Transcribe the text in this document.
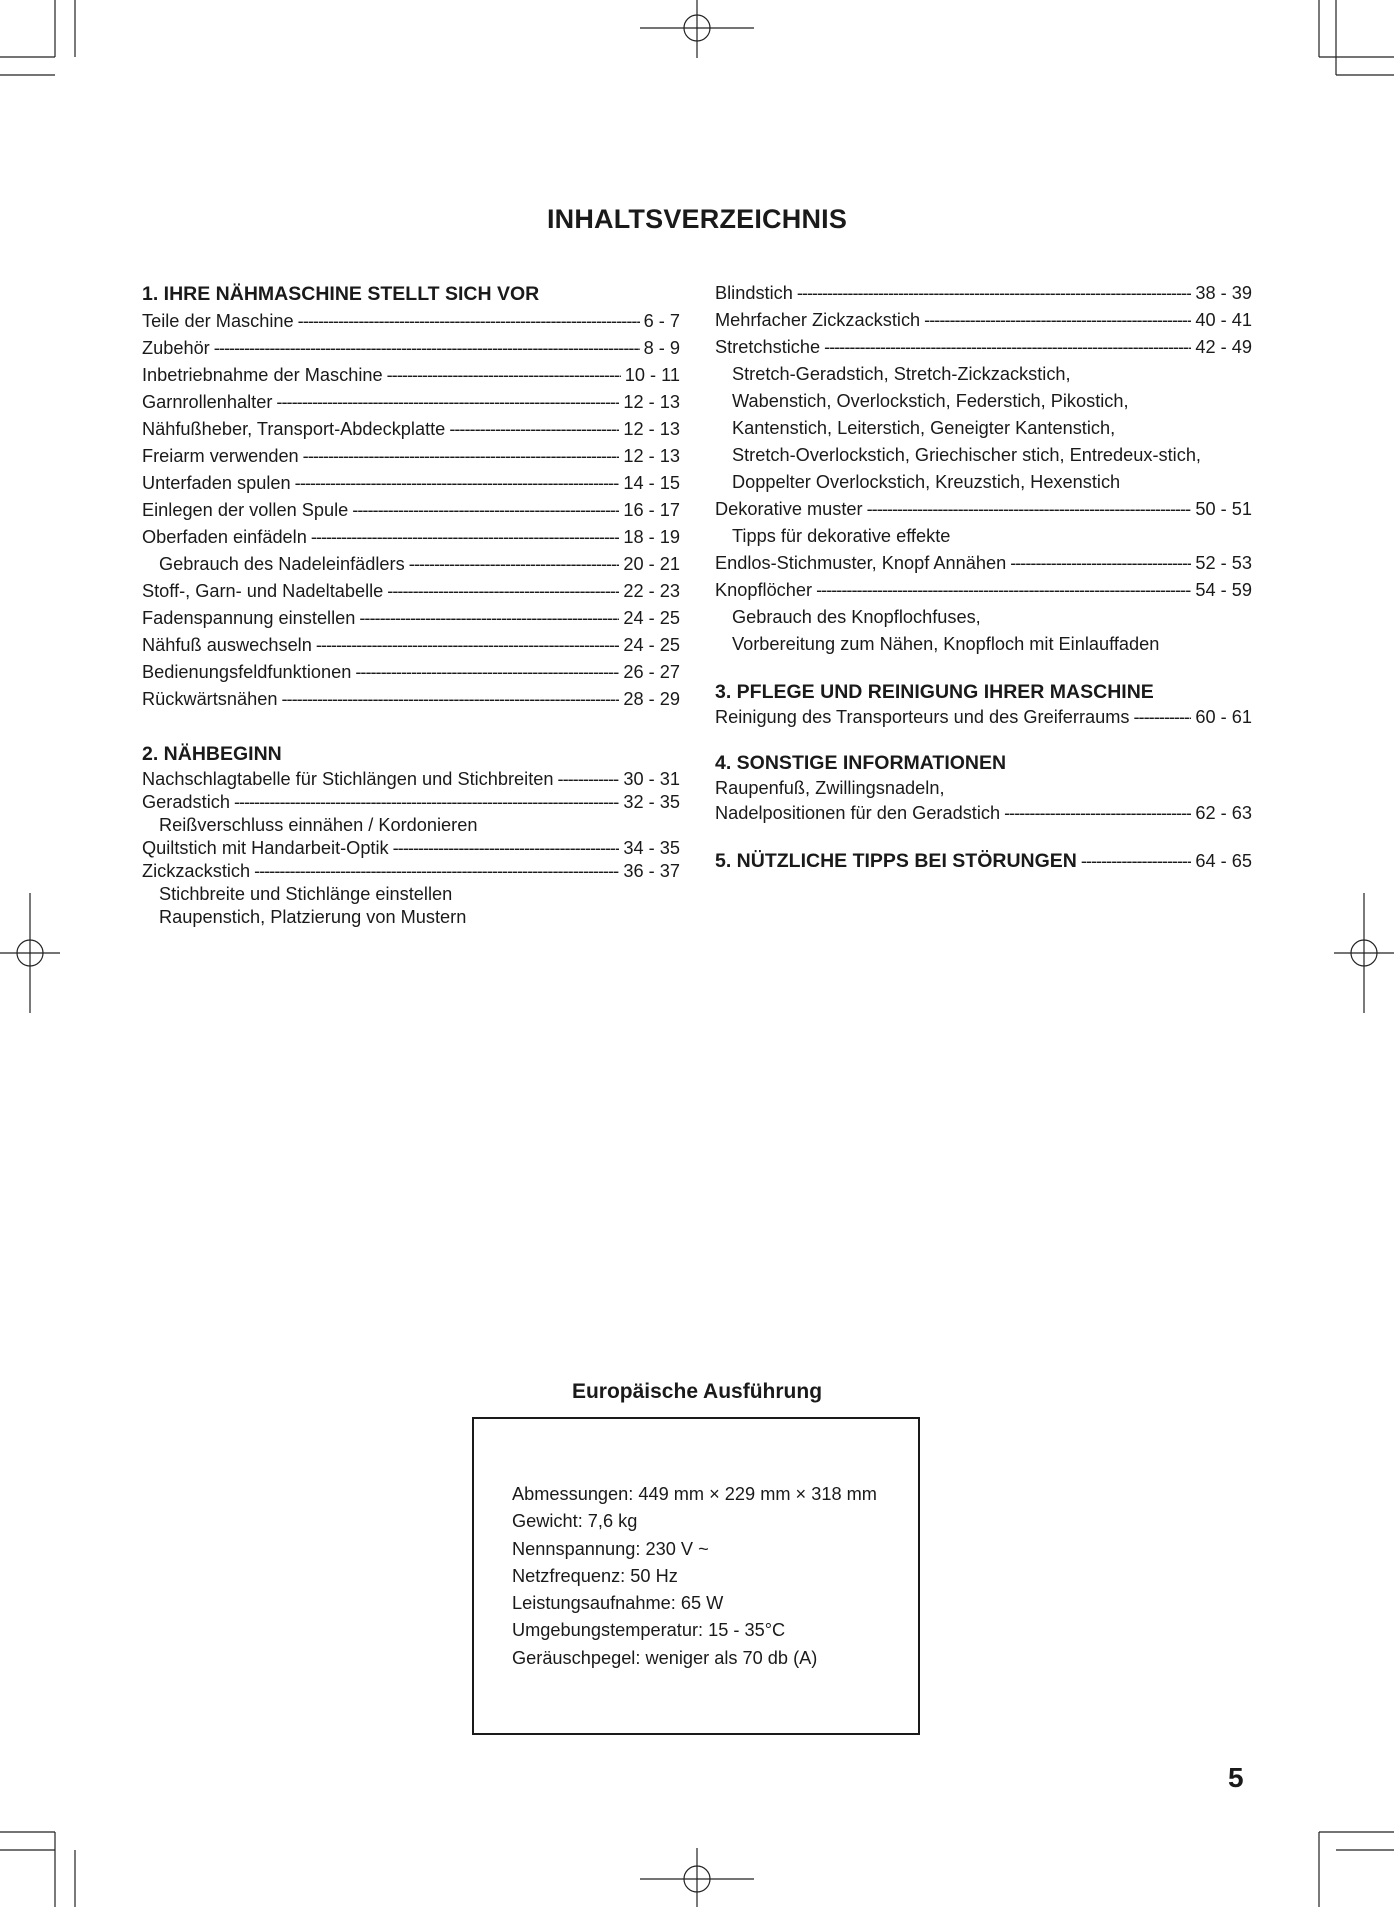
INHALTSVERZEICHNIS
1. IHRE NÄHMASCHINE STELLT SICH VOR
Teile der Maschine -----	6 - 7
Zubehör -----	8 - 9
Inbetriebnahme der Maschine -----	10 - 11
Garnrollenhalter -----	12 - 13
Nähfußheber, Transport-Abdeckplatte -----	12 - 13
Freiarm verwenden -----	12 - 13
Unterfaden spulen -----	14 - 15
Einlegen der vollen Spule -----	16 - 17
Oberfaden einfädeln -----	18 - 19
Gebrauch des Nadeleinfädlers -----	20 - 21
Stoff-, Garn- und Nadeltabelle -----	22 - 23
Fadenspannung einstellen -----	24 - 25
Nähfuß auswechseln -----	24 - 25
Bedienungsfeldfunktionen -----	26 - 27
Rückwärtsnähen -----	28 - 29
2. NÄHBEGINN
Nachschlagtabelle für Stichlängen und Stichbreiten -----	30 - 31
Geradstich -----	32 - 35
Reißverschluss einnähen / Kordonieren
Quiltstich mit Handarbeit-Optik -----	34 - 35
Zickzackstich -----	36 - 37
Stichbreite und Stichlänge einstellen
Raupenstich, Platzierung von Mustern
Blindstich -----	38 - 39
Mehrfacher Zickzackstich -----	40 - 41
Stretchstiche -----	42 - 49
Stretch-Geradstich, Stretch-Zickzackstich,
Wabenstich, Overlockstich, Federstich, Pikostich,
Kantenstich, Leiterstich, Geneigter Kantenstich,
Stretch-Overlockstich, Griechischer stich, Entredeux-stich,
Doppelter Overlockstich, Kreuzstich, Hexenstich
Dekorative muster -----	50 - 51
Tipps für dekorative effekte
Endlos-Stichmuster, Knopf Annähen -----	52 - 53
Knopflöcher -----	54 - 59
Gebrauch des Knopflochfuses,
Vorbereitung zum Nähen, Knopfloch mit Einlauffaden
3. PFLEGE UND REINIGUNG IHRER MASCHINE
Reinigung des Transporteurs und des Greiferraums -----	60 - 61
4. SONSTIGE INFORMATIONEN
Raupenfuß, Zwillingsnadeln,
Nadelpositionen für den Geradstich -----	62 - 63
5. NÜTZLICHE TIPPS BEI STÖRUNGEN -----	64 - 65
Europäische Ausführung
Abmessungen: 449 mm × 229 mm × 318 mm
Gewicht: 7,6 kg
Nennspannung: 230 V ~
Netzfrequenz: 50 Hz
Leistungsaufnahme: 65 W
Umgebungstemperatur: 15 - 35°C
Geräuschpegel: weniger als 70 db (A)
5
